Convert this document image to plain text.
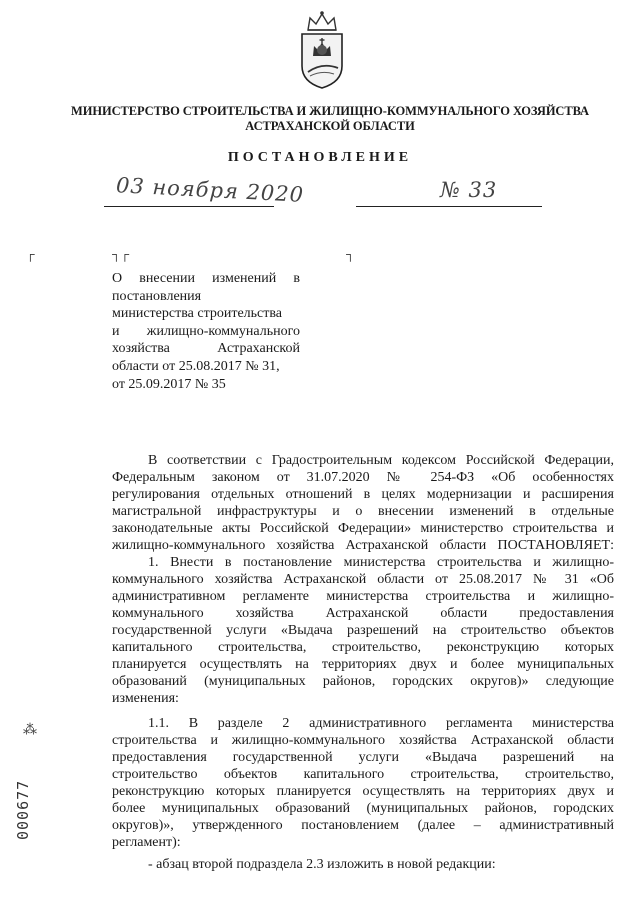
МИНИСТЕРСТВО СТРОИТЕЛЬСТВА И ЖИЛИЩНО-КОММУНАЛЬНОГО ХОЗЯЙСТВА
АСТРАХАНСКОЙ ОБЛАСТИ
ПОСТАНОВЛЕНИЕ
03 ноября 2020	№ 33
┌	┐┌	┐
О внесении изменений в
постановления
министерства строительства
и жилищно-коммунального
хозяйства Астраханской
области от 25.08.2017 № 31,
от 25.09.2017 № 35
В соответствии с Градостроительным кодексом Российской Федерации,
Федеральным законом от 31.07.2020 № 254-ФЗ «Об особенностях
регулирования отдельных отношений в целях модернизации и расширения
магистральной инфраструктуры и о внесении изменений в отдельные
законодательные акты Российской Федерации» министерство строительства и
жилищно-коммунального хозяйства Астраханской области ПОСТАНОВЛЯЕТ:
1. Внести в постановление министерства строительства и жилищно-
коммунального хозяйства Астраханской области от 25.08.2017 № 31 «Об
административном регламенте министерства строительства и жилищно-
коммунального хозяйства Астраханской области предоставления
государственной услуги «Выдача разрешений на строительство объектов
капитального строительства, строительство, реконструкцию которых
планируется осуществлять на территориях двух и более муниципальных
образований (муниципальных районов, городских округов)» следующие
изменения:
1.1. В разделе 2 административного регламента министерства
строительства и жилищно-коммунального хозяйства Астраханской области
предоставления государственной услуги «Выдача разрешений на
строительство объектов капитального строительства, строительство,
реконструкцию которых планируется осуществлять на территориях двух и
более муниципальных образований (муниципальных районов, городских
округов)», утвержденного постановлением (далее – административный
регламент):
- абзац второй подраздела 2.3 изложить в новой редакции:
⁂
000677
